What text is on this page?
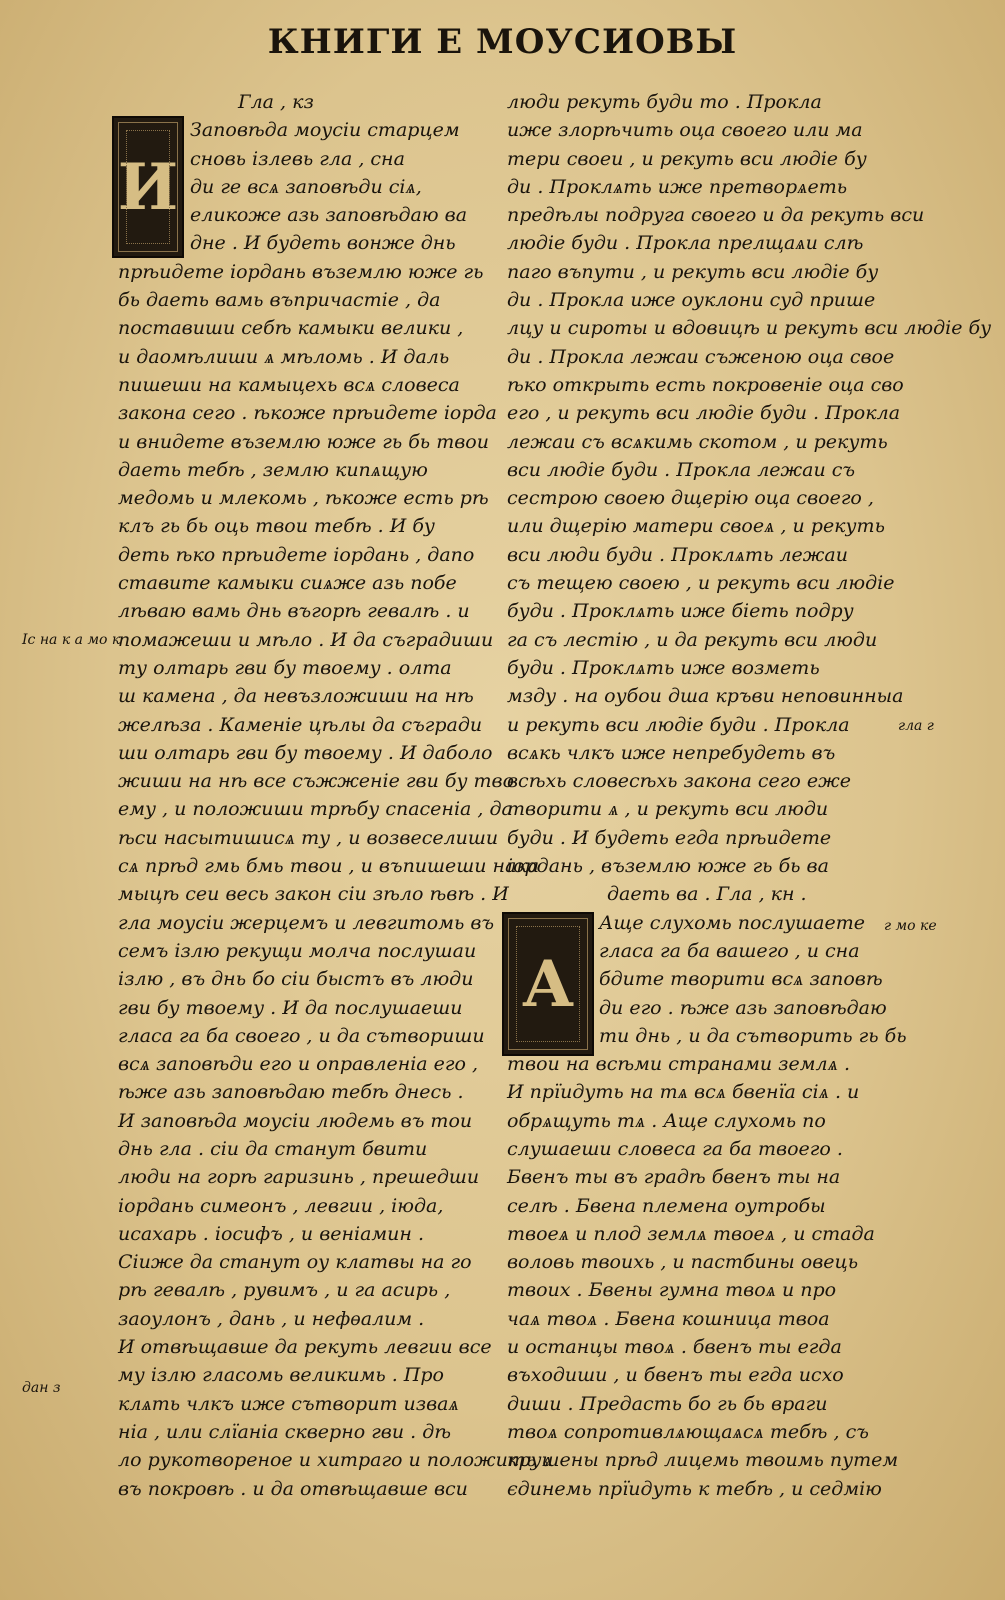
КНИГИ Е МОУСИОВЫ
И
А
Гла , кз
Заповѣда моусіи старцем
сновь ізлевь гла , сна
ди ге всѧ заповѣди сіѧ,
еликоже азь заповѣдаю ва
дне . И будеть вонже днь
прѣидете іордань въземлю юже гь
бь даеть вамь въпричастіе , да
поставиши себѣ камыки велики ,
и даомѣлиши ѧ мѣломь . И даль
пишеши на камыцехь всѧ словеса
закона сего . ѣкоже прѣидете іорда
и внидете въземлю юже гь бь твои
даеть тебѣ , землю кипѧщую
медомь и млекомь , ѣкоже есть рѣ
клъ гь бь оць твои тебѣ . И бу
деть ѣко прѣидете іордань , дапо
ставите камыки сиѧже азь побе
лѣваю вамь днь въгорѣ гевалѣ . и
помажеши и мѣло . И да съградиши
ту олтарь гви бу твоему . олта
ш камена , да невъзложиши на нѣ
желѣза . Каменіе цѣлы да съгради
ши олтарь гви бу твоему . И даболо
жиши на нѣ все съжженіе гви бу тво
ему , и положиши трѣбу спасеніа , да
ѣси насытишисѧ ту , и возвеселиши
сѧ прѣд гмь бмь твои , и въпишеши нака
мыцѣ сеи весь закон сіи зѣло ѣвѣ . И
гла моусіи жерцемъ и левгитомь въ
семъ ізлю рекущи молча послушаи
ізлю , въ днь бо сіи быстъ въ люди
гви бу твоему . И да послушаеши
гласа га ба своего , и да сътвориши
всѧ заповѣди его и оправленіа его ,
ѣже азь заповѣдаю тебѣ днесь .
И заповѣда моусіи людемь въ тои
днь гла . сіи да станут бвити
люди на горѣ гаризинь , прешедши
іордань симеонъ , левгии , іюда,
исахарь . іосифъ , и веніамин .
Сіиже да станут оу клатвы на го
рѣ гевалѣ , рувимъ , и га асирь ,
заоулонъ , дань , и нефѳалим .
И отвѣщавше да рекуть левгии все
му ізлю гласомь великимь . Про
клѧть члкъ иже сътворит изваѧ
ніа , или слїаніа скверно гви . дѣ
ло рукотвореное и хитраго и положить ѧ
въ покровѣ . и да отвѣщавше вси
люди рекуть буди то . Прокла
иже злорѣчить оца своего или ма
тери своеи , и рекуть вси людіе бу
ди . Проклѧть иже претворѧеть
предѣлы подруга своего и да рекуть вси
людіе буди . Прокла прелщаѧи слѣ
паго въпути , и рекуть вси людіе бу
ди . Прокла иже оуклони суд прише
лцу и сироты и вдовицѣ и рекуть вси людіе бу
ди . Прокла лежаи съженою оца свое
ѣко открыть есть покровеніе оца сво
его , и рекуть вси людіе буди . Прокла
лежаи съ всѧкимь скотом , и рекуть
вси людіе буди . Прокла лежаи съ
сестрою своею дщерію оца своего ,
или дщерію матери своеѧ , и рекуть
вси люди буди . Проклѧть лежаи
съ тещею своею , и рекуть вси людіе
буди . Проклѧть иже біеть подру
га съ лестію , и да рекуть вси люди
буди . Проклѧть иже возметь
мзду . на оубои дша кръви неповинныа
и рекуть вси людіе буди . Прокла
всѧкь члкъ иже непребудеть въ
всѣхь словесѣхь закона сего еже
творити ѧ , и рекуть вси люди
буди . И будеть егда прѣидете
іордань , въземлю юже гь бь ва
даеть ва . Гла , кн .
Аще слухомь послушаете
гласа га ба вашего , и сна
бдите творити всѧ заповѣ
ди его . ѣже азь заповѣдаю
ти днь , и да сътворить гь бь
твои на всѣми странами землѧ .
И прїидуть на тѧ всѧ бвенїа сіѧ . и
обрѧщуть тѧ . Аще слухомь по
слушаеши словеса га ба твоего .
Бвенъ ты въ градѣ бвенъ ты на
селѣ . Бвена племена оутробы
твоеѧ и плод землѧ твоеѧ , и стада
воловь твоихь , и пастбины овець
твоих . Бвены гумна твоѧ и про
чаѧ твоѧ . Бвена кошница твоа
и останцы твоѧ . бвенъ ты егда
въходиши , и бвенъ ты егда исхо
диши . Предасть бо гь бь враги
твоѧ сопротивлѧющаѧсѧ тебѣ , съ
крушены прѣд лицемь твоимь путем
єдинемь прїидуть к тебѣ , и седмію
Іс на к а мо к
дан з
гла г
г мо ке
